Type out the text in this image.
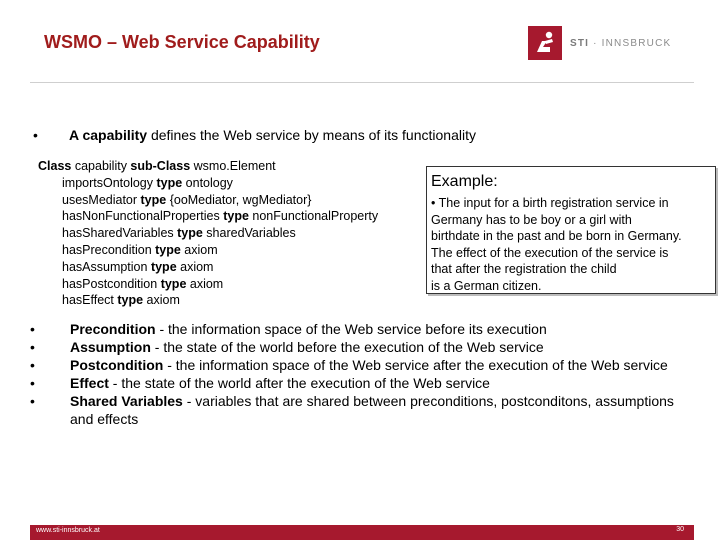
WSMO – Web Service Capability	STI · INNSBRUCK
•	A capability defines the Web service by means of its functionality
Class capability sub-Class wsmo.Element
importsOntology type ontology
usesMediator type {ooMediator, wgMediator}
hasNonFunctionalProperties type nonFunctionalProperty
hasSharedVariables type sharedVariables
hasPrecondition type axiom
hasAssumption type axiom
hasPostcondition type axiom
hasEffect type axiom
Example:
• The input for a birth registration service in
Germany has to be boy or a girl with
birthdate in the past and be born in Germany.
The effect of the execution of the service is
that after the registration the child
is a German citizen.
•	Precondition - the information space of the Web service before its execution
•	Assumption - the state of the world before the execution of the Web service
•	Postcondition - the information space of the Web service after the execution of the Web service
•	Effect - the state of the world after the execution of the Web service
•	Shared Variables - variables that are shared between preconditions, postconditons, assumptions and effects
www.sti-innsbruck.at	30
